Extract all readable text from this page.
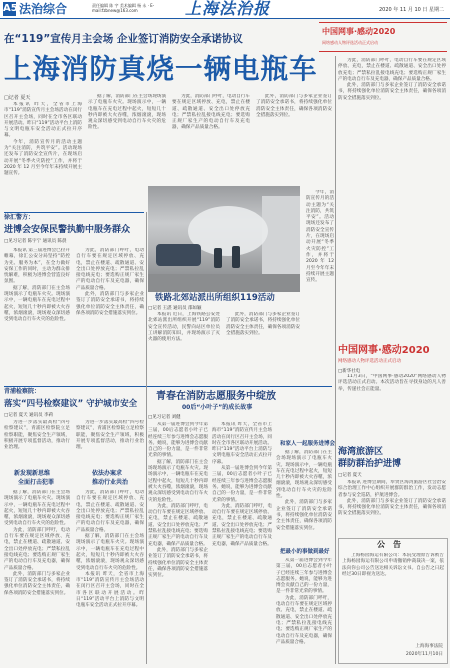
A5 法治综合	责任编辑 陈 宇 美术编辑 杨 永 · E-mail:fzbnew@163.com	上海法治报	2020 年 11 月 10 日 星期二
在“119”宣传月主会场 企业签订消防安全承诺协议
上海消防真烧一辆电瓶车
中国网事·感动2020
网络感动人物评选活动正式启动
□记者 夏天

本报讯 昨天，全省市上海市“119”消防宣传月主会场活动在闵行区召开主会场，同时在全市各区联动开展活动。昨日“119”活动平台上消防与文明电瓶车安全活动正式拉开序幕。

今年，消防宣传月的活动主题为“关注消防，共筑平安”。活动现场还发布了消防安全宣传片，在现场启动开展“冬季火灾防控”工作，并将于 2020 年 12 月至今年年末持续开展主题宣传。

据了解，消防部门在主会场现场演示了电瓶车火灾。现场演示中，一辆电瓶车在充电过程中起火，短短几十秒内即被大火吞噬，浓烟滚滚，现场观众深切感受到电动自行车火灾的危险性。

为此，消防部门呼吁，电动自行车要在规定区域停放、充电，禁止在楼道、疏散通道、安全出口处停放充电；严禁私拉乱接电线充电；要选购正规厂家生产的电动自行车及充电器，确保产品质量合格。

此外，消防部门与多家企业签订了消防安全承诺书，将持续强化单位消防安全主体责任，确保各项消防安全措施落实到位。

为此，消防部门呼吁，电动自行车要在规定区域停放、充电，禁止在楼道、疏散通道、安全出口处停放充电；严禁私拉乱接电线充电；要选购正规厂家生产的电动自行车及充电器，确保产品质量合格。

此外，消防部门与多家企业签订了消防安全承诺书，将持续强化单位消防安全主体责任，确保各项消防安全措施落实到位。

徐汇警方：
进博会安保民警执勤中服务群众
□见习记者 陈宇宁 通讯员 陈晨

本报讯 第三届进博会已拉开帷幕，徐汇公安分局坚持“防控为先、服务为本”，在全力做好安保工作的同时，主动为群众排忧解难，积极为进博会营造良好氛围。

据了解，消防部门在主会场现场演示了电瓶车火灾。现场演示中，一辆电瓶车在充电过程中起火，短短几十秒内即被大火吞噬，浓烟滚滚，现场观众深切感受到电动自行车火灾的危险性。

为此，消防部门呼吁，电动自行车要在规定区域停放、充电，禁止在楼道、疏散通道、安全出口处停放充电；严禁私拉乱接电线充电；要选购正规厂家生产的电动自行车及充电器，确保产品质量合格。

此外，消防部门与多家企业签订了消防安全承诺书，将持续强化单位消防安全主体责任，确保各项消防安全措施落实到位。

铁路北郊站派出所组织119活动
□记者 王湛 通讯员 邵如颖

本报讯 近日，上海铁路公安处北郊站派出所组织开展“119”消防安全宣传活动，民警向站区单位员工讲解消防知识，并现场演示了灭火器的使用方法。

此外，消防部门与多家企业签订了消防安全承诺书，将持续强化单位消防安全主体责任，确保各项消防安全措施落实到位。

今年，消防宣传月的活动主题为“关注消防，共筑平安”。活动现场还发布了消防安全宣传片，在现场启动开展“冬季火灾防控”工作，并将于 2020 年 12 月至今年年末持续开展主题宣传。

中国网事·感动2020
网络感动人物评选活动正式启动
□新华社电

11月3日，“中国网事·感动2020”网络感动人物评选活动正式启动。本次活动旨在寻找身边的凡人善举，传递社会正能量。

青浦检察院：
落实“四号检察建议” 守护城市安全
□记者 夏天 通讯员 李莉

为进一步落实最高检“四号检察建议”，青浦区检察院立足检察职能，聚焦安全生产领域，积极开展专项监督活动，推动行业治理。

新发现新思维
全面打击犯罪

据了解，消防部门在主会场现场演示了电瓶车火灾。现场演示中，一辆电瓶车在充电过程中起火，短短几十秒内即被大火吞噬，浓烟滚滚，现场观众深切感受到电动自行车火灾的危险性。

为此，消防部门呼吁，电动自行车要在规定区域停放、充电，禁止在楼道、疏散通道、安全出口处停放充电；严禁私拉乱接电线充电；要选购正规厂家生产的电动自行车及充电器，确保产品质量合格。

此外，消防部门与多家企业签订了消防安全承诺书，将持续强化单位消防安全主体责任，确保各项消防安全措施落实到位。

为进一步落实最高检“四号检察建议”，青浦区检察院立足检察职能，聚焦安全生产领域，积极开展专项监督活动，推动行业治理。

依法办案求
推动行业共治

为此，消防部门呼吁，电动自行车要在规定区域停放、充电，禁止在楼道、疏散通道、安全出口处停放充电；严禁私拉乱接电线充电；要选购正规厂家生产的电动自行车及充电器，确保产品质量合格。

据了解，消防部门在主会场现场演示了电瓶车火灾。现场演示中，一辆电瓶车在充电过程中起火，短短几十秒内即被大火吞噬，浓烟滚滚，现场观众深切感受到电动自行车火灾的危险性。

本报讯 昨天，全省市上海市“119”消防宣传月主会场活动在闵行区召开主会场，同时在全市各区联动开展活动。昨日“119”活动平台上消防与文明电瓶车安全活动正式拉开序幕。

青春在消防志愿服务中绽放
00后“小叶子”的成长故事
□见习记者 刘健

从第一届进博会到今年第三届，00后志愿者小叶子已经连续三年参与进博会志愿服务。她说，能够为进博会贡献自己的一份力量，是一件非常光荣的事情。

据了解，消防部门在主会场现场演示了电瓶车火灾。现场演示中，一辆电瓶车在充电过程中起火，短短几十秒内即被大火吞噬，浓烟滚滚，现场观众深切感受到电动自行车火灾的危险性。

为此，消防部门呼吁，电动自行车要在规定区域停放、充电，禁止在楼道、疏散通道、安全出口处停放充电；严禁私拉乱接电线充电；要选购正规厂家生产的电动自行车及充电器，确保产品质量合格。

此外，消防部门与多家企业签订了消防安全承诺书，将持续强化单位消防安全主体责任，确保各项消防安全措施落实到位。

本报讯 昨天，全省市上海市“119”消防宣传月主会场活动在闵行区召开主会场，同时在全市各区联动开展活动。昨日“119”活动平台上消防与文明电瓶车安全活动正式拉开序幕。

从第一届进博会到今年第三届，00后志愿者小叶子已经连续三年参与进博会志愿服务。她说，能够为进博会贡献自己的一份力量，是一件非常光荣的事情。

为此，消防部门呼吁，电动自行车要在规定区域停放、充电，禁止在楼道、疏散通道、安全出口处停放充电；严禁私拉乱接电线充电；要选购正规厂家生产的电动自行车及充电器，确保产品质量合格。

和家人一起服务进博会

据了解，消防部门在主会场现场演示了电瓶车火灾。现场演示中，一辆电瓶车在充电过程中起火，短短几十秒内即被大火吞噬，浓烟滚滚，现场观众深切感受到电动自行车火灾的危险性。

此外，消防部门与多家企业签订了消防安全承诺书，将持续强化单位消防安全主体责任，确保各项消防安全措施落实到位。

把最小的事做到最好

从第一届进博会到今年第三届，00后志愿者小叶子已经连续三年参与进博会志愿服务。她说，能够为进博会贡献自己的一份力量，是一件非常光荣的事情。

为此，消防部门呼吁，电动自行车要在规定区域停放、充电，禁止在楼道、疏散通道、安全出口处停放充电；严禁私拉乱接电线充电；要选购正规厂家生产的电动自行车及充电器，确保产品质量合格。

海湾旅游区
群防群治护进博
□记者 夏天

本报讯 进博会期间，奉贤区海湾旅游区社会治安综合治理工作中心组织开展群防群治工作，发动志愿者参与安全巡防，护航进博会。

此外，消防部门与多家企业签订了消防安全承诺书，将持续强化单位消防安全主体责任，确保各项消防安全措施落实到位。

公告

上海杨园海运有限公司：本院受理原告诉被告上海杨园海运有限公司申请撤销仲裁裁决一案，依法向你公司公告送达相关诉讼文书。自公告之日起经过30日即视为送达。

上海海事法院
2020年11月10日
